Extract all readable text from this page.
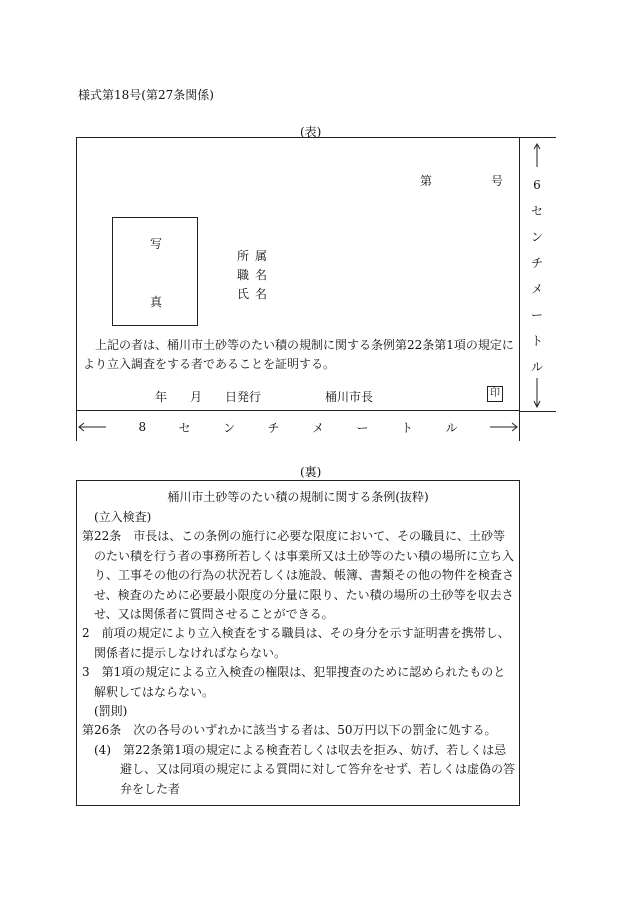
様式第18号(第27条関係)
(表)
第	号
写
真
所属
職名
氏名
上記の者は、桶川市土砂等のたい積の規制に関する条例第22条第1項の規定により立入調査をする者であることを証明する。
年 月 日発行	桶川市長	印
6センチメートル
8	セ	ン	チ	メ	ー	ト	ル
(裏)
桶川市土砂等のたい積の規制に関する条例(抜粋)

(立入検査)

第22条　市長は、この条例の施行に必要な限度において、その職員に、土砂等のたい積を行う者の事務所若しくは事業所又は土砂等のたい積の場所に立ち入り、工事その他の行為の状況若しくは施設、帳簿、書類その他の物件を検査させ、検査のために必要最小限度の分量に限り、たい積の場所の土砂等を収去させ、又は関係者に質問させることができる。

2　前項の規定により立入検査をする職員は、その身分を示す証明書を携帯し、関係者に提示しなければならない。

3　第1項の規定による立入検査の権限は、犯罪捜査のために認められたものと解釈してはならない。

(罰則)

第26条　次の各号のいずれかに該当する者は、50万円以下の罰金に処する。

(4)　第22条第1項の規定による検査若しくは収去を拒み、妨げ、若しくは忌避し、又は同項の規定による質問に対して答弁をせず、若しくは虚偽の答弁をした者
